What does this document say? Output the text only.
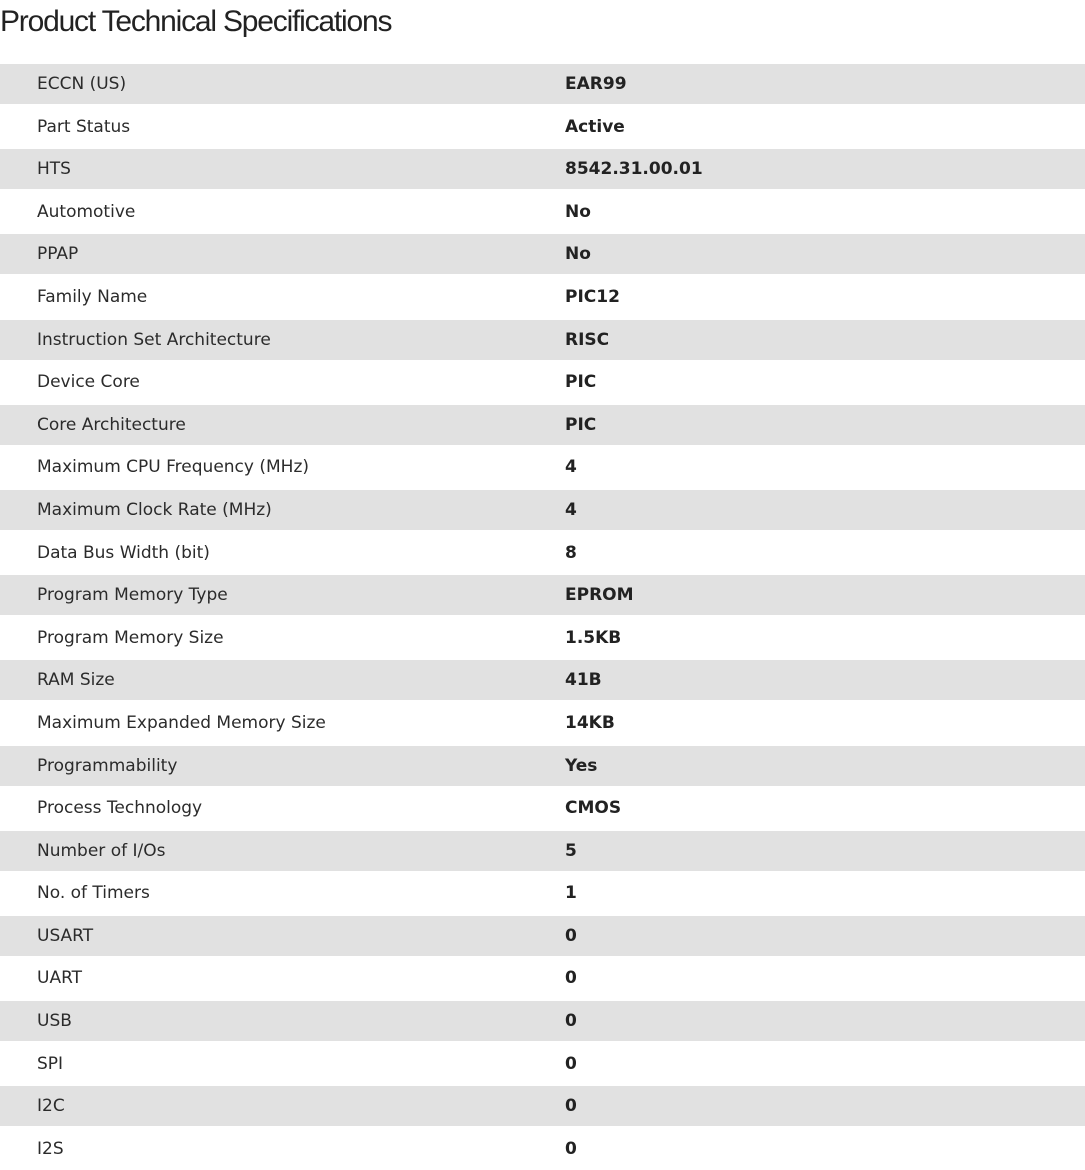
Product Technical Specifications
ECCN (US)	EAR99
Part Status	Active
HTS	8542.31.00.01
Automotive	No
PPAP	No
Family Name	PIC12
Instruction Set Architecture	RISC
Device Core	PIC
Core Architecture	PIC
Maximum CPU Frequency (MHz)	4
Maximum Clock Rate (MHz)	4
Data Bus Width (bit)	8
Program Memory Type	EPROM
Program Memory Size	1.5KB
RAM Size	41B
Maximum Expanded Memory Size	14KB
Programmability	Yes
Process Technology	CMOS
Number of I/Os	5
No. of Timers	1
USART	0
UART	0
USB	0
SPI	0
I2C	0
I2S	0
